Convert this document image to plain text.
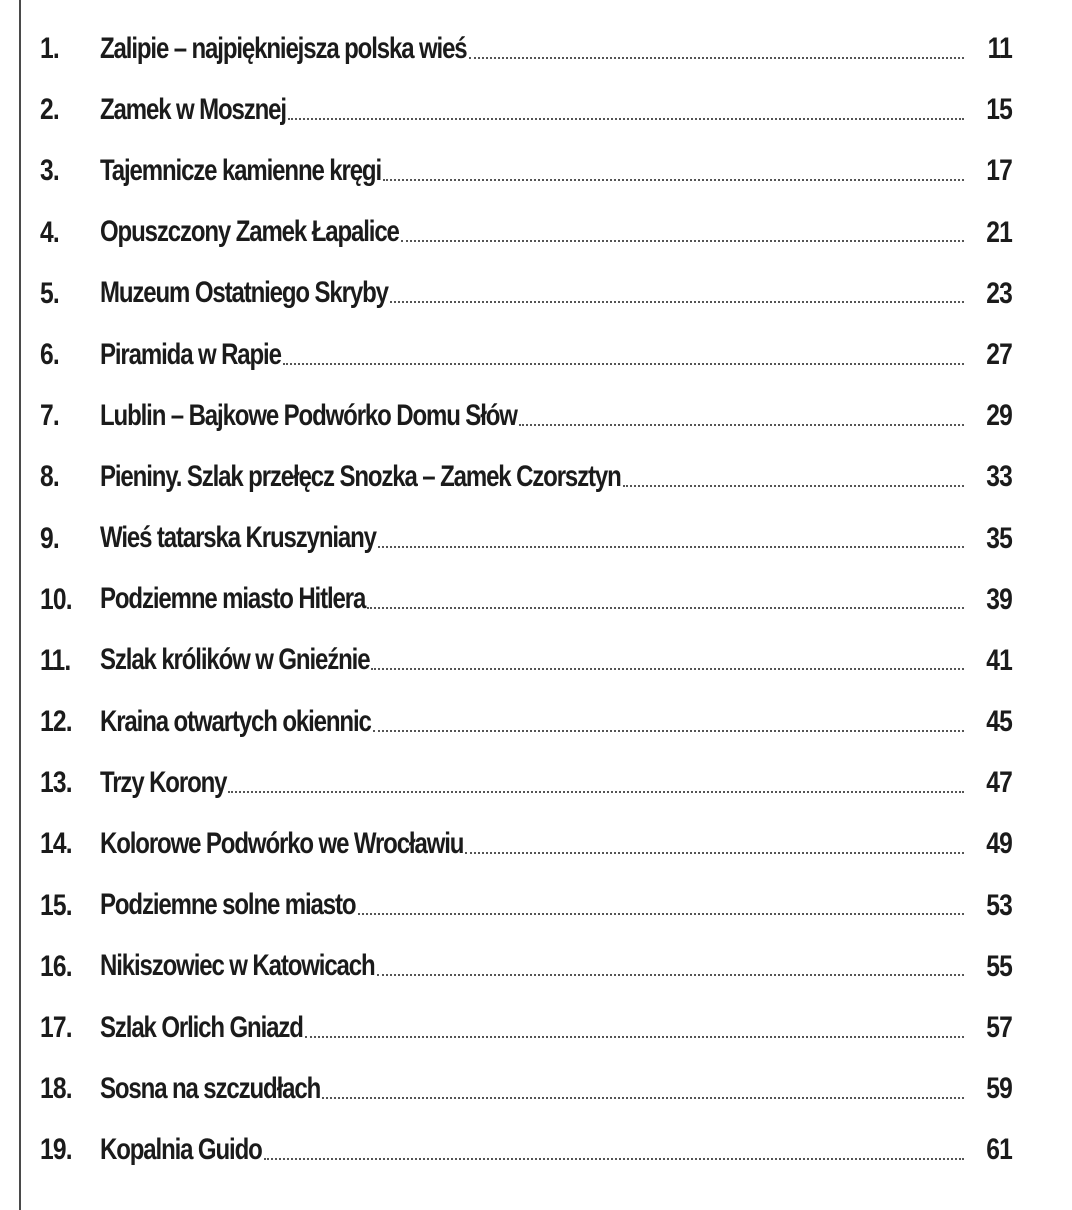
1. Zalipie – najpiękniejsza polska wieś	11
2. Zamek w Mosznej	15
3. Tajemnicze kamienne kręgi	17
4. Opuszczony Zamek Łapalice	21
5. Muzeum Ostatniego Skryby	23
6. Piramida w Rapie	27
7. Lublin – Bajkowe Podwórko Domu Słów	29
8. Pieniny. Szlak przełęcz Snozka – Zamek Czorsztyn	33
9. Wieś tatarska Kruszyniany	35
10. Podziemne miasto Hitlera	39
11. Szlak królików w Gnieźnie	41
12. Kraina otwartych okiennic	45
13. Trzy Korony	47
14. Kolorowe Podwórko we Wrocławiu	49
15. Podziemne solne miasto	53
16. Nikiszowiec w Katowicach	55
17. Szlak Orlich Gniazd	57
18. Sosna na szczudłach	59
19. Kopalnia Guido	61
